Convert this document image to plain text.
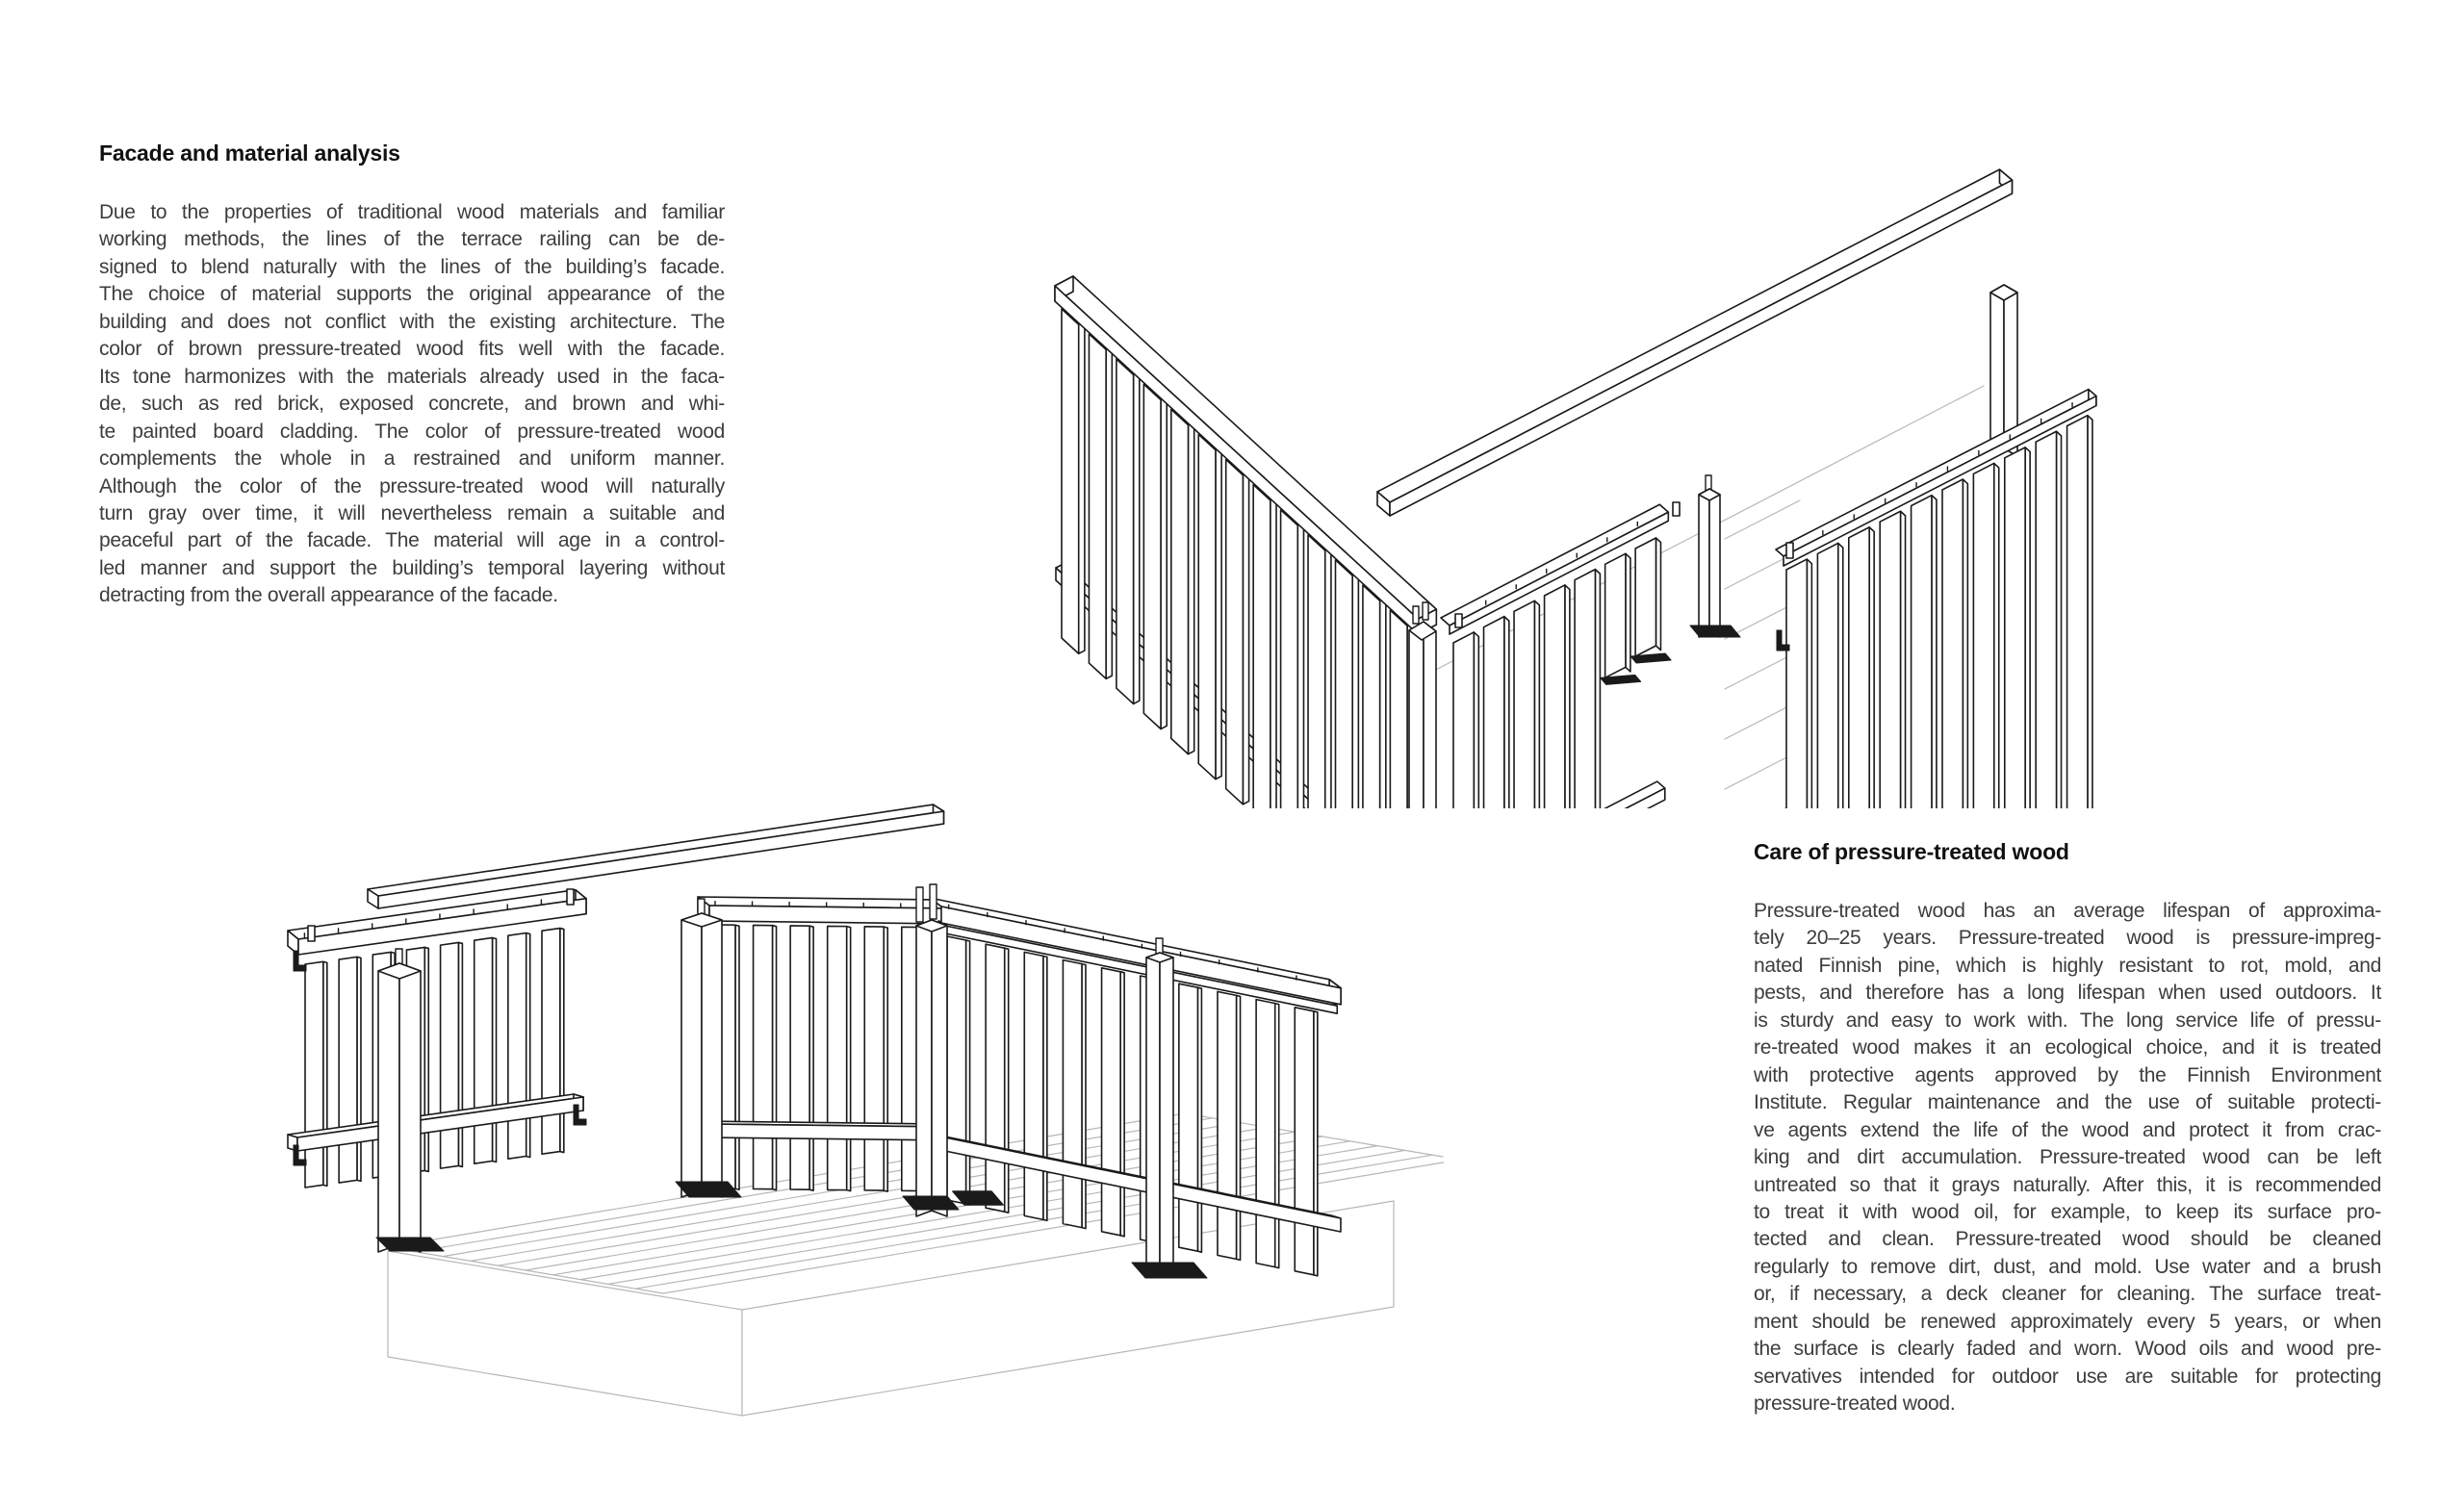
Facade and material analysis
Due to the properties of traditional wood materials and familiar
working methods, the lines of the terrace railing can be de-
signed to blend naturally with the lines of the building’s facade.
The choice of material supports the original appearance of the
building and does not conflict with the existing architecture. The
color of brown pressure-treated wood fits well with the facade.
Its tone harmonizes with the materials already used in the faca-
de, such as red brick, exposed concrete, and brown and whi-
te painted board cladding. The color of pressure-treated wood
complements the whole in a restrained and uniform manner.
Although the color of the pressure-treated wood will naturally
turn gray over time, it will nevertheless remain a suitable and
peaceful part of the facade. The material will age in a control-
led manner and support the building’s temporal layering without
detracting from the overall appearance of the facade.
Care of pressure-treated wood
Pressure-treated wood has an average lifespan of approxima-
tely 20–25 years. Pressure-treated wood is pressure-impreg-
nated Finnish pine, which is highly resistant to rot, mold, and
pests, and therefore has a long lifespan when used outdoors. It
is sturdy and easy to work with. The long service life of pressu-
re-treated wood makes it an ecological choice, and it is treated
with protective agents approved by the Finnish Environment
Institute. Regular maintenance and the use of suitable protecti-
ve agents extend the life of the wood and protect it from crac-
king and dirt accumulation. Pressure-treated wood can be left
untreated so that it grays naturally. After this, it is recommended
to treat it with wood oil, for example, to keep its surface pro-
tected and clean. Pressure-treated wood should be cleaned
regularly to remove dirt, dust, and mold. Use water and a brush
or, if necessary, a deck cleaner for cleaning. The surface treat-
ment should be renewed approximately every 5 years, or when
the surface is clearly faded and worn. Wood oils and wood pre-
servatives intended for outdoor use are suitable for protecting
pressure-treated wood.
